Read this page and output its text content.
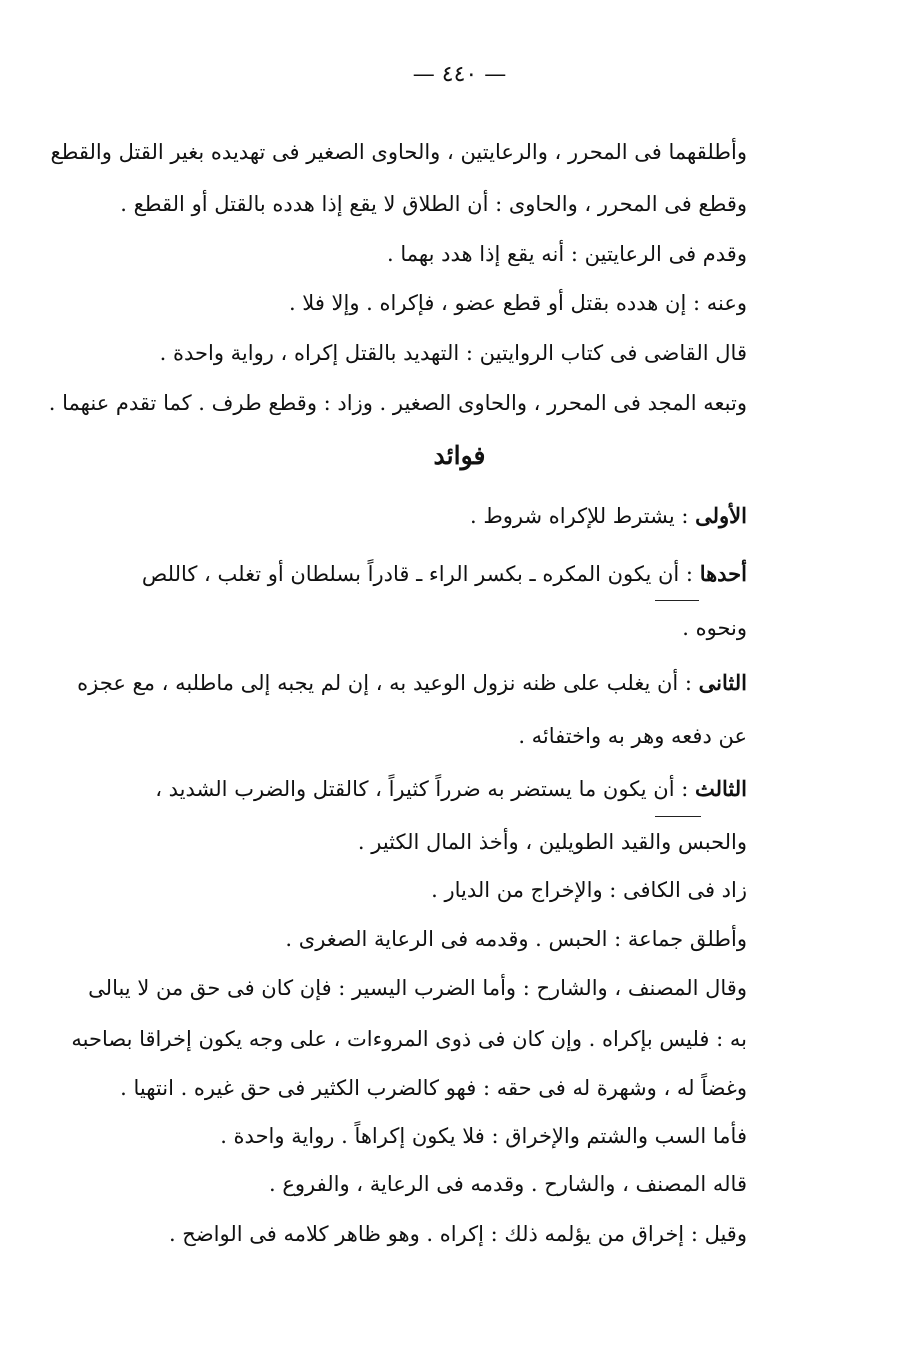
— ٤٤٠ —
وأطلقهما فى المحرر ، والرعايتين ، والحاوى الصغير فى تهديده بغير القتل والقطع
وقطع فى المحرر ، والحاوى : أن الطلاق لا يقع إذا هدده بالقتل أو القطع .
وقدم فى الرعايتين : أنه يقع إذا هدد بهما .
وعنه : إن هدده بقتل أو قطع عضو ، فإكراه . وإلا فلا .
قال القاضى فى كتاب الروايتين : التهديد بالقتل إكراه ، رواية واحدة .
وتبعه المجد فى المحرر ، والحاوى الصغير . وزاد : وقطع طرف . كما تقدم عنهما .
فوائد
الأولى : يشترط للإكراه شروط .
أحدها : أن يكون المكره ـ بكسر الراء ـ قادراً بسلطان أو تغلب ، كاللص
ونحوه .
الثانى : أن يغلب على ظنه نزول الوعيد به ، إن لم يجبه إلى ماطلبه ، مع عجزه
عن دفعه وهر به واختفائه .
الثالث : أن يكون ما يستضر به ضرراً كثيراً ، كالقتل والضرب الشديد ،
والحبس والقيد الطويلين ، وأخذ المال الكثير .
زاد فى الكافى : والإخراج من الديار .
وأطلق جماعة : الحبس . وقدمه فى الرعاية الصغرى .
وقال المصنف ، والشارح : وأما الضرب اليسير : فإن كان فى حق من لا يبالى
به : فليس بإكراه . وإن كان فى ذوى المروءات ، على وجه يكون إخراقا بصاحبه
وغضاً له ، وشهرة له فى حقه : فهو كالضرب الكثير فى حق غيره . انتهيا .
فأما السب والشتم والإخراق : فلا يكون إكراهاً . رواية واحدة .
قاله المصنف ، والشارح . وقدمه فى الرعاية ، والفروع .
وقيل : إخراق من يؤلمه ذلك : إكراه . وهو ظاهر كلامه فى الواضح .
